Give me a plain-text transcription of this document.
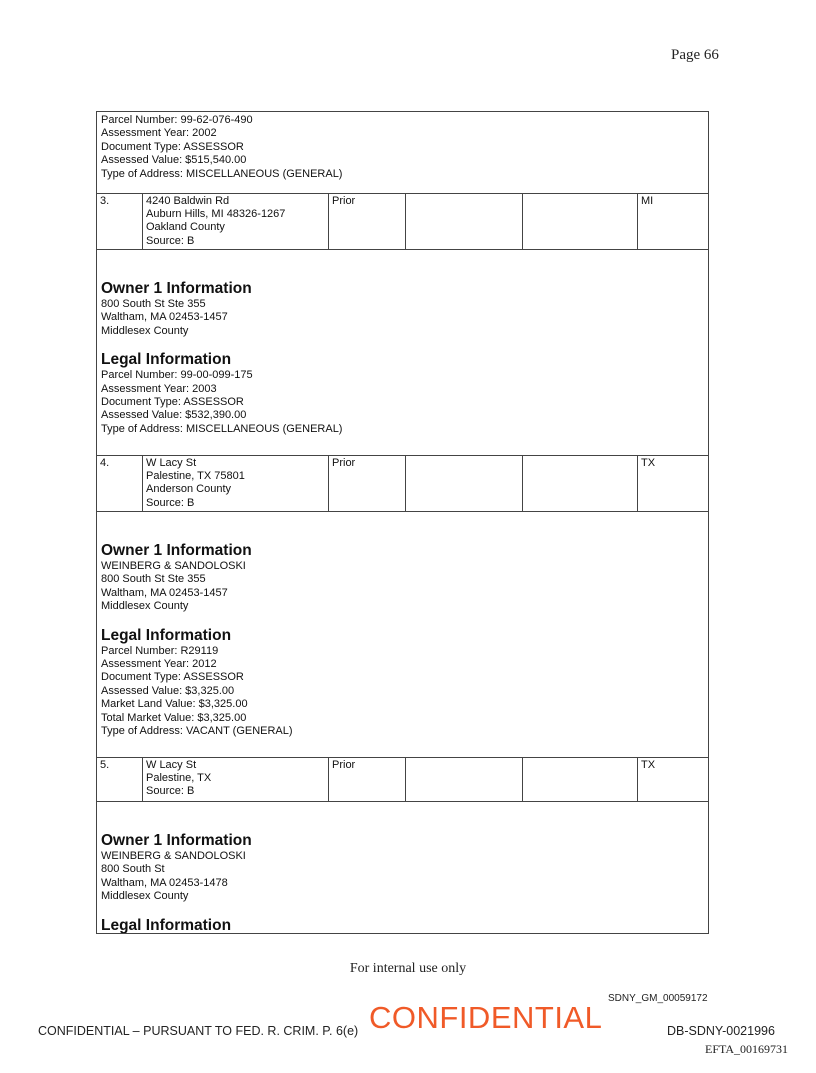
Page 66
Parcel Number: 99-62-076-490
Assessment Year: 2002
Document Type: ASSESSOR
Assessed Value: $515,540.00
Type of Address: MISCELLANEOUS (GENERAL)
3.	4240 Baldwin Rd
Auburn Hills, MI 48326-1267
Oakland County
Source: B
Prior	MI
Owner 1 Information
800 South St Ste 355
Waltham, MA 02453-1457
Middlesex County
Legal Information
Parcel Number: 99-00-099-175
Assessment Year: 2003
Document Type: ASSESSOR
Assessed Value: $532,390.00
Type of Address: MISCELLANEOUS (GENERAL)
4.	W Lacy St
Palestine, TX 75801
Anderson County
Source: B
Prior	TX
Owner 1 Information
WEINBERG & SANDOLOSKI
800 South St Ste 355
Waltham, MA 02453-1457
Middlesex County
Legal Information
Parcel Number: R29119
Assessment Year: 2012
Document Type: ASSESSOR
Assessed Value: $3,325.00
Market Land Value: $3,325.00
Total Market Value: $3,325.00
Type of Address: VACANT (GENERAL)
5.	W Lacy St
Palestine, TX
Source: B
Prior	TX
Owner 1 Information
WEINBERG & SANDOLOSKI
800 South St
Waltham, MA 02453-1478
Middlesex County
Legal Information
For internal use only
SDNY_GM_00059172
CONFIDENTIAL – PURSUANT TO FED. R. CRIM. P. 6(e) CONFIDENTIAL	DB-SDNY-0021996
EFTA_00169731
